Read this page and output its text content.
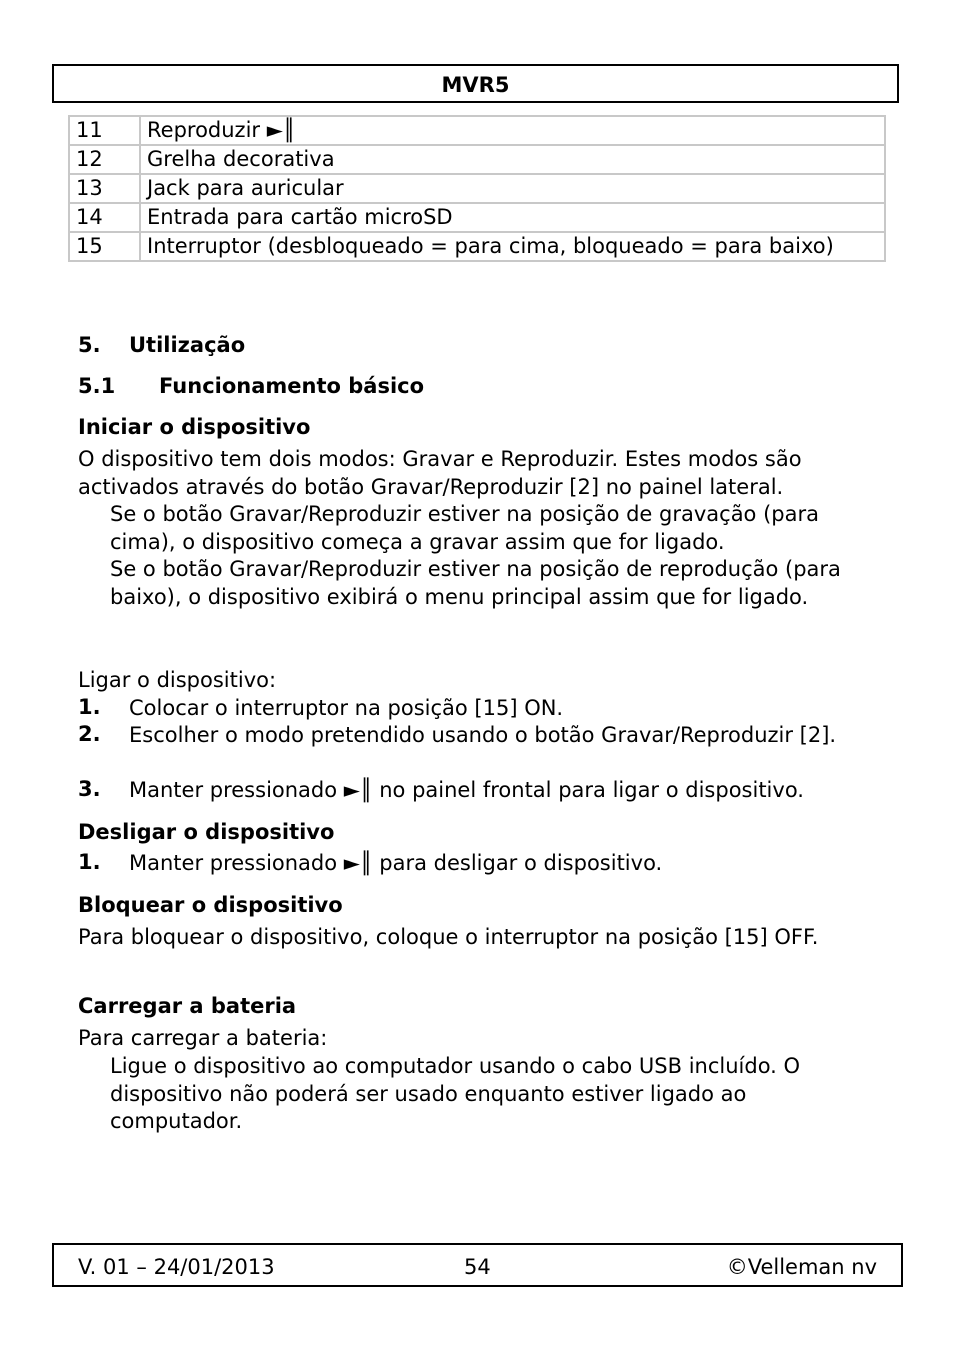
MVR5
11	Reproduzir ►║
12	Grelha decorativa
13	Jack para auricular
14	Entrada para cartão microSD
15	Interruptor (desbloqueado = para cima, bloqueado = para baixo)
5. Utilização
5.1 Funcionamento básico
Iniciar o dispositivo
O dispositivo tem dois modos: Gravar e Reproduzir. Estes modos são activados através do botão Gravar/Reproduzir [2] no painel lateral.
Se o botão Gravar/Reproduzir estiver na posição de gravação (para cima), o dispositivo começa a gravar assim que for ligado.
Se o botão Gravar/Reproduzir estiver na posição de reprodução (para baixo), o dispositivo exibirá o menu principal assim que for ligado.
Ligar o dispositivo:
1. Colocar o interruptor na posição [15] ON.
2. Escolher o modo pretendido usando o botão Gravar/Reproduzir [2].
3. Manter pressionado ►║ no painel frontal para ligar o dispositivo.
Desligar o dispositivo
1. Manter pressionado ►║ para desligar o dispositivo.
Bloquear o dispositivo
Para bloquear o dispositivo, coloque o interruptor na posição [15] OFF.
Carregar a bateria
Para carregar a bateria:
Ligue o dispositivo ao computador usando o cabo USB incluído. O dispositivo não poderá ser usado enquanto estiver ligado ao computador.
V. 01 – 24/01/2013	54	©Velleman nv
